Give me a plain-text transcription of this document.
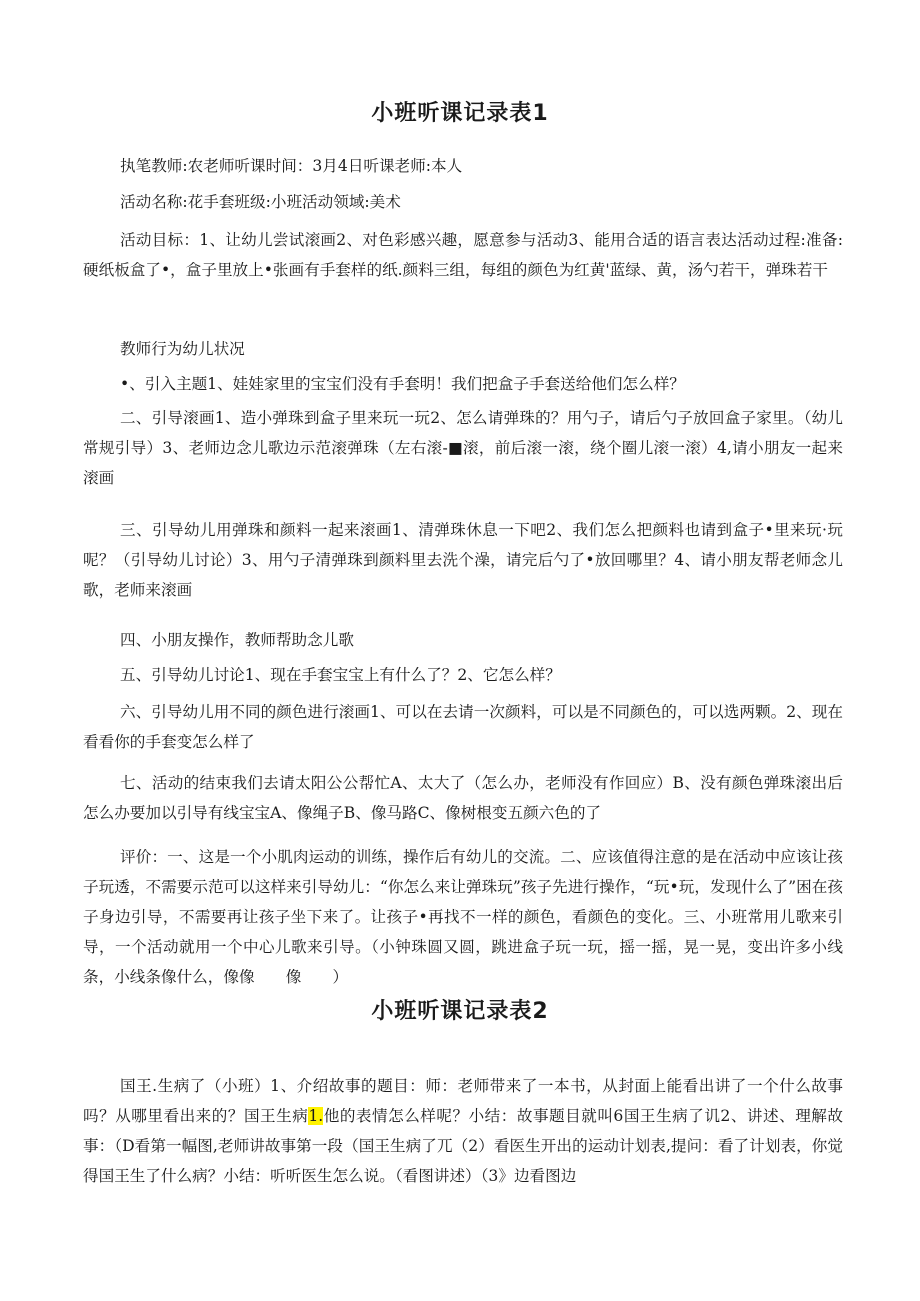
小班听课记录表1

执笔教师:农老师听课时间：3月4日听课老师:本人

活动名称:花手套班级:小班活动领域:美术

活动目标：1、让幼儿尝试滚画2、对色彩感兴趣，愿意参与活动3、能用合适的语言表达活动过程:准备:硬纸板盒了•，盒子里放上•张画有手套样的纸.颜料三组，每组的颜色为红黄'蓝绿、黄，汤勺若干，弹珠若干

教师行为幼儿状况

•、引入主题1、娃娃家里的宝宝们没有手套明！我们把盒子手套送给他们怎么样？

二、引导滚画1、造小弹珠到盒子里来玩一玩2、怎么请弹珠的？用勺子，请后勺子放回盒子家里。（幼儿常规引导）3、老师边念儿歌边示范滚弹珠（左右滚-■滚，前后滚一滚，绕个圈儿滚一滚）4,请小朋友一起来滚画

三、引导幼儿用弹珠和颜料一起来滚画1、清弹珠休息一下吧2、我们怎么把颜料也请到盒子•里来玩·玩呢？（引导幼儿讨论）3、用勺子清弹珠到颜料里去洗个澡，请完后勺了•放回哪里？4、请小朋友帮老师念儿歌，老师来滚画

四、小朋友操作，教师帮助念儿歌

五、引导幼儿讨论1、现在手套宝宝上有什么了？2、它怎么样？

六、引导幼儿用不同的颜色进行滚画1、可以在去请一次颜料，可以是不同颜色的，可以选两颗。2、现在看看你的手套变怎么样了

七、活动的结束我们去请太阳公公帮忙A、太大了（怎么办，老师没有作回应）B、没有颜色弹珠滚出后怎么办要加以引导有线宝宝A、像绳子B、像马路C、像树根变五颜六色的了

评价：一、这是一个小肌肉运动的训练，操作后有幼儿的交流。二、应该值得注意的是在活动中应该让孩子玩透，不需要示范可以这样来引导幼儿：“你怎么来让弹珠玩”孩子先进行操作，“玩•玩，发现什么了”困在孩子身边引导，不需要再让孩子坐下来了。让孩子•再找不一样的颜色，看颜色的变化。三、小班常用儿歌来引导，一个活动就用一个中心儿歌来引导。（小钟珠圆又圆，跳进盒子玩一玩，摇一摇，晃一晃，变出许多小线条，小线条像什么，像像　　像　　）

小班听课记录表2

国王.生病了（小班）1、介绍故事的题目：师：老师带来了一本书，从封面上能看出讲了一个什么故事吗？从哪里看出来的？国王生病1.他的表情怎么样呢？小结：故事题目就叫6国王生病了讥2、讲述、理解故事：（D看第一幅图,老师讲故事第一段（国王生病了兀（2）看医生开出的运动计划表,提问：看了计划表，你觉得国王生了什么病？小结：听听医生怎么说。（看图讲述）（3》边看图边
